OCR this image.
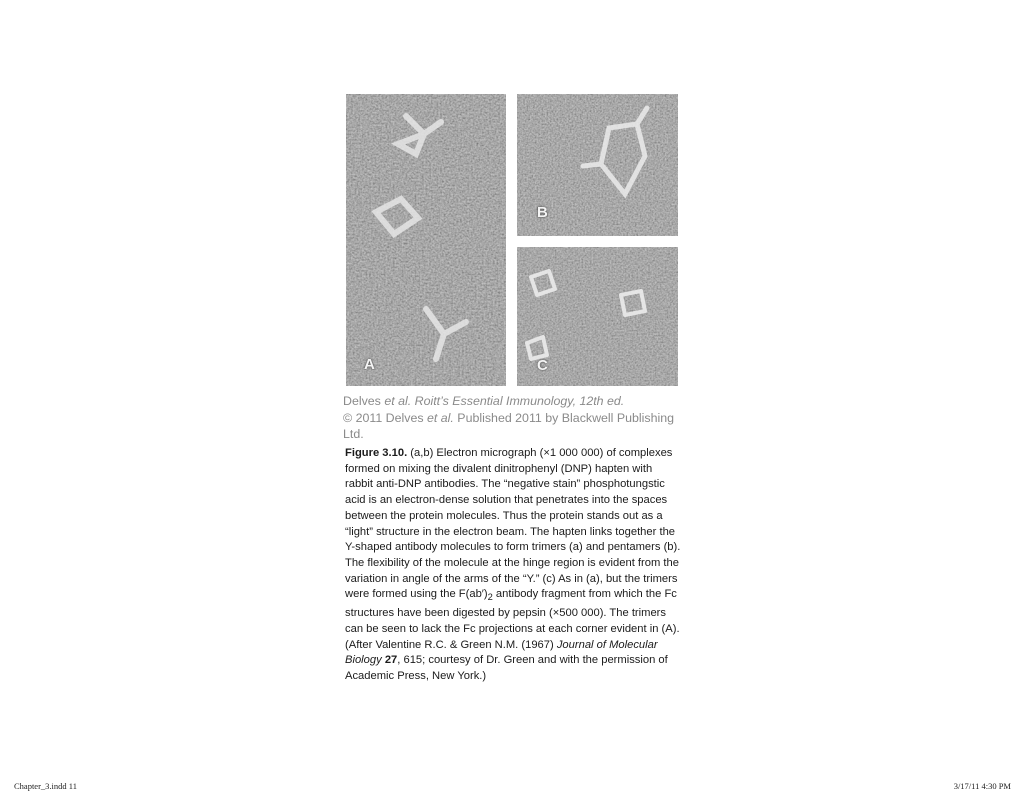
A
B
C

Delves et al. Roitt’s Essential Immunology, 12th ed.

© 2011 Delves et al. Published 2011 by Blackwell Publishing Ltd.

Figure 3.10. (a,b) Electron micrograph (×1 000 000) of complexes formed on mixing the divalent dinitrophenyl (DNP) hapten with rabbit anti-DNP antibodies. The “negative stain” phosphotungstic acid is an electron-dense solution that penetrates into the spaces between the protein molecules. Thus the protein stands out as a “light” structure in the electron beam. The hapten links together the Y-shaped antibody molecules to form trimers (a) and pentamers (b). The flexibility of the molecule at the hinge region is evident from the variation in angle of the arms of the “Y.” (c) As in (a), but the trimers were formed using the $F(ab')_2$ antibody fragment from which the Fc structures have been digested by pepsin (×500 000). The trimers can be seen to lack the Fc projections at each corner evident in (A). (After Valentine R.C. & Green N.M. (1967) Journal of Molecular Biology 27, 615; courtesy of Dr. Green and with the permission of Academic Press, New York.)

Chapter_3.indd 11	3/17/11 4:30 PM
